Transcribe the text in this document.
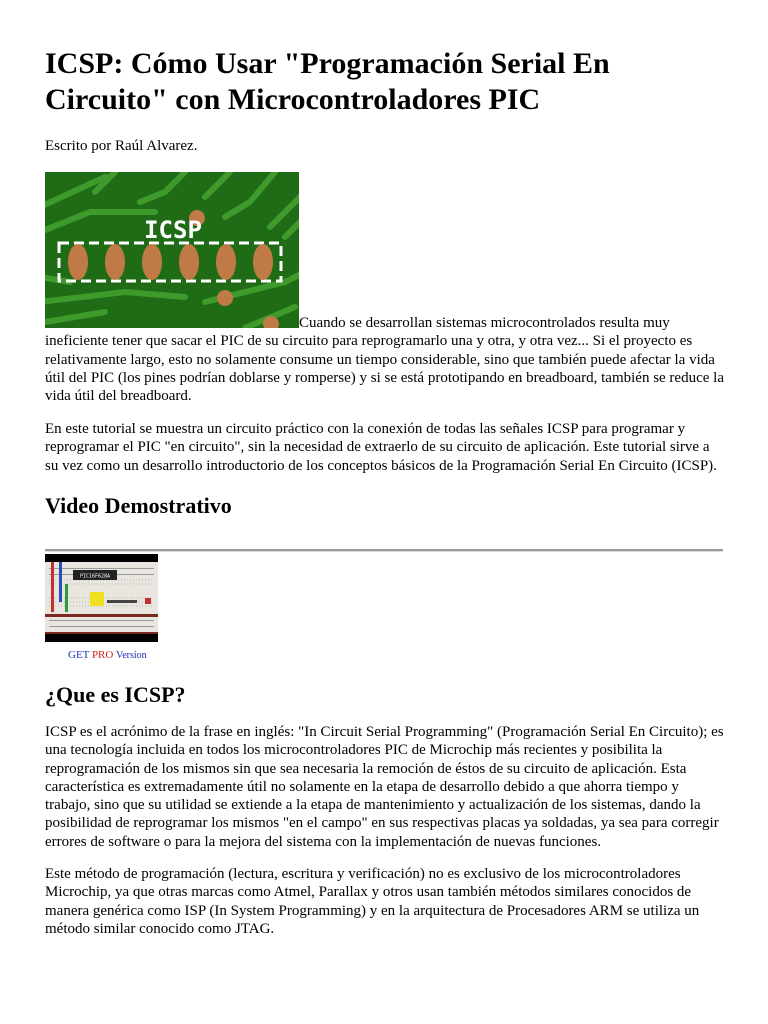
ICSP: Cómo Usar "Programación Serial En Circuito" con Microcontroladores PIC

Escrito por Raúl Alvarez.

ICSP

Cuando se desarrollan sistemas microcontrolados resulta muy ineficiente tener que sacar el PIC de su circuito para reprogramarlo una y otra, y otra vez... Si el proyecto es relativamente largo, esto no solamente consume un tiempo considerable, sino que también puede afectar la vida útil del PIC (los pines podrían doblarse y romperse) y si se está prototipando en breadboard, también se reduce la vida útil del breadboard.

En este tutorial se muestra un circuito práctico con la conexión de todas las señales ICSP para programar y reprogramar el PIC "en circuito", sin la necesidad de extraerlo de su circuito de aplicación. Este tutorial sirve a su vez como un desarrollo introductorio de los conceptos básicos de la Programación Serial En Circuito (ICSP).

Video Demostrativo
PIC16F628A
GET PRO Version
¿Que es ICSP?

ICSP es el acrónimo de la frase en inglés: "In Circuit Serial Programming" (Programación Serial En Circuito); es una tecnología incluida en todos los microcontroladores PIC de Microchip más recientes y posibilita la reprogramación de los mismos sin que sea necesaria la remoción de éstos de su circuito de aplicación. Esta característica es extremadamente útil no solamente en la etapa de desarrollo debido a que ahorra tiempo y trabajo, sino que su utilidad se extiende a la etapa de mantenimiento y actualización de los sistemas, dando la posibilidad de reprogramar los mismos "en el campo" en sus respectivas placas ya soldadas, ya sea para corregir errores de software o para la mejora del sistema con la implementación de nuevas funciones.

Este método de programación (lectura, escritura y verificación) no es exclusivo de los microcontroladores Microchip, ya que otras marcas como Atmel, Parallax y otros usan también métodos similares conocidos de manera genérica como ISP (In System Programming) y en la arquitectura de Procesadores ARM se utiliza un método similar conocido como JTAG.
